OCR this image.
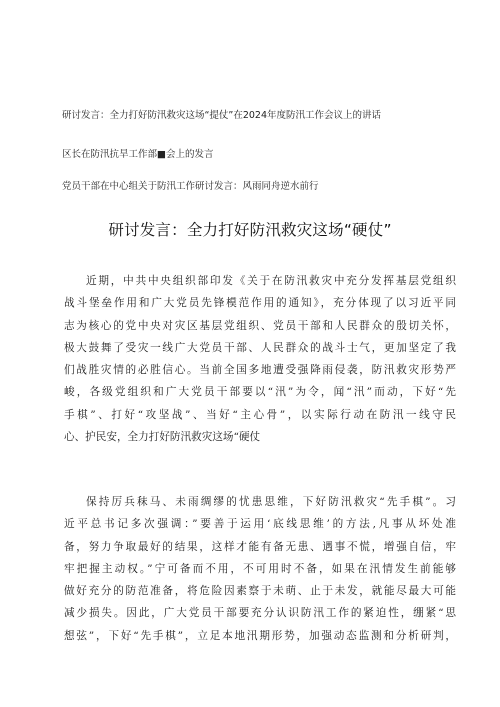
研讨发言：全力打好防汛救灾这场“提仗”在2024年度防汛工作会议上的讲话
区长在防汛抗旱工作部■会上的发言
党员干部在中心组关于防汛工作研讨发言：风雨同舟逆水前行
研讨发言：全力打好防汛救灾这场“硬仗”
近期，中共中央组织部印发《关于在防汛救灾中充分发挥基层党组织
战斗堡垒作用和广大党员先锋模范作用的通知》，充分体现了以习近平同
志为核心的党中央对灾区基层党组织、党员干部和人民群众的殷切关怀，
极大鼓舞了受灾一线广大党员干部、人民群众的战斗士气，更加坚定了我
们战胜灾情的必胜信心。当前全国多地遭受强降雨侵袭，防汛救灾形势严
峻，各级党组织和广大党员干部要以“汛”为令，闻“汛”而动，下好“先
手棋”、打好“攻坚战”、当好“主心骨”，以实际行动在防汛一线守民
心、护民安，全力打好防汛救灾这场“硬仗
保持厉兵秣马、未雨绸缪的忧患思维，下好防汛救灾“先手棋”。习
近平总书记多次强调：”要善于运用‘底线思维’的方法,凡事从坏处准
备，努力争取最好的结果，这样才能有备无患、遇事不慌，增强自信，牢
牢把握主动权。”宁可备而不用，不可用时不备，如果在汛情发生前能够
做好充分的防范准备，将危险因素察于未萌、止于未发，就能尽最大可能
减少损失。因此，广大党员干部要充分认识防汛工作的紧迫性，绷紧“思
想弦”，下好“先手棋”，立足本地汛期形势，加强动态监测和分析研判，
